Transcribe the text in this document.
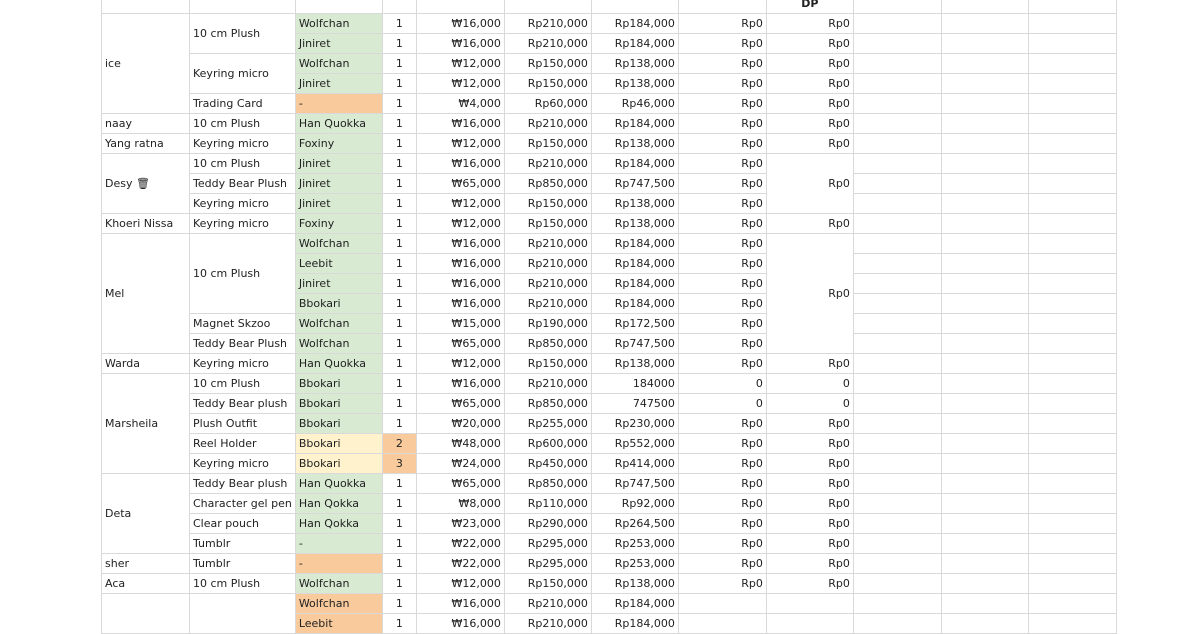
								DP			
ice	10 cm Plush	Wolfchan	1	₩16,000	Rp210,000	Rp184,000	Rp0	Rp0			
		Jiniret	1	₩16,000	Rp210,000	Rp184,000	Rp0	Rp0			
	Keyring micro	Wolfchan	1	₩12,000	Rp150,000	Rp138,000	Rp0	Rp0			
		Jiniret	1	₩12,000	Rp150,000	Rp138,000	Rp0	Rp0			
	Trading Card	-	1	₩4,000	Rp60,000	Rp46,000	Rp0	Rp0			
naay	10 cm Plush	Han Quokka	1	₩16,000	Rp210,000	Rp184,000	Rp0	Rp0			
Yang ratna	Keyring micro	Foxiny	1	₩12,000	Rp150,000	Rp138,000	Rp0	Rp0			
Desy 🗑	10 cm Plush	Jiniret	1	₩16,000	Rp210,000	Rp184,000	Rp0	Rp0			
	Teddy Bear Plush	Jiniret	1	₩65,000	Rp850,000	Rp747,500	Rp0				
	Keyring micro	Jiniret	1	₩12,000	Rp150,000	Rp138,000	Rp0				
Khoeri Nissa	Keyring micro	Foxiny	1	₩12,000	Rp150,000	Rp138,000	Rp0	Rp0			
Mel	10 cm Plush	Wolfchan	1	₩16,000	Rp210,000	Rp184,000	Rp0	Rp0			
		Leebit	1	₩16,000	Rp210,000	Rp184,000	Rp0				
		Jiniret	1	₩16,000	Rp210,000	Rp184,000	Rp0				
		Bbokari	1	₩16,000	Rp210,000	Rp184,000	Rp0				
	Magnet Skzoo	Wolfchan	1	₩15,000	Rp190,000	Rp172,500	Rp0				
	Teddy Bear Plush	Wolfchan	1	₩65,000	Rp850,000	Rp747,500	Rp0				
Warda	Keyring micro	Han Quokka	1	₩12,000	Rp150,000	Rp138,000	Rp0	Rp0			
Marsheila	10 cm Plush	Bbokari	1	₩16,000	Rp210,000	184000	0	0			
	Teddy Bear plush	Bbokari	1	₩65,000	Rp850,000	747500	0	0			
	Plush Outfit	Bbokari	1	₩20,000	Rp255,000	Rp230,000	Rp0	Rp0			
	Reel Holder	Bbokari	2	₩48,000	Rp600,000	Rp552,000	Rp0	Rp0			
	Keyring micro	Bbokari	3	₩24,000	Rp450,000	Rp414,000	Rp0	Rp0			
Deta	Teddy Bear plush	Han Quokka	1	₩65,000	Rp850,000	Rp747,500	Rp0	Rp0			
	Character gel pen	Han Qokka	1	₩8,000	Rp110,000	Rp92,000	Rp0	Rp0			
	Clear pouch	Han Qokka	1	₩23,000	Rp290,000	Rp264,500	Rp0	Rp0			
	Tumblr	-	1	₩22,000	Rp295,000	Rp253,000	Rp0	Rp0			
sher	Tumblr	-	1	₩22,000	Rp295,000	Rp253,000	Rp0	Rp0			
Aca	10 cm Plush	Wolfchan	1	₩12,000	Rp150,000	Rp138,000	Rp0	Rp0			
		Wolfchan	1	₩16,000	Rp210,000	Rp184,000					
		Leebit	1	₩16,000	Rp210,000	Rp184,000					
